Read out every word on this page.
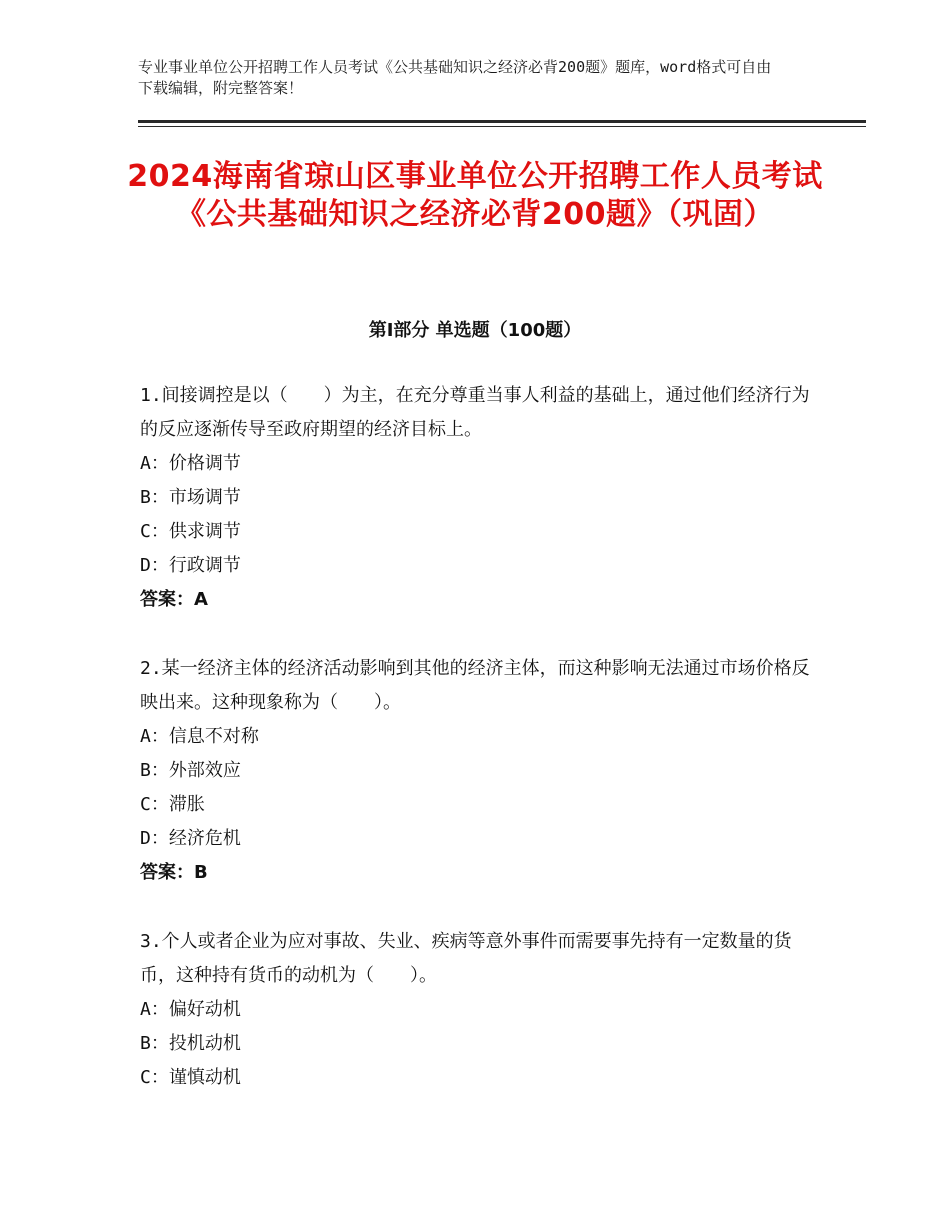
专业事业单位公开招聘工作人员考试《公共基础知识之经济必背200题》题库，word格式可自由下载编辑，附完整答案！
2024海南省琼山区事业单位公开招聘工作人员考试《公共基础知识之经济必背200题》（巩固）
第I部分 单选题（100题）

1.间接调控是以（　　）为主，在充分尊重当事人利益的基础上，通过他们经济行为的反应逐渐传导至政府期望的经济目标上。

A：价格调节

B：市场调节

C：供求调节

D：行政调节

答案：A

2.某一经济主体的经济活动影响到其他的经济主体，而这种影响无法通过市场价格反映出来。这种现象称为（　　）。

A：信息不对称

B：外部效应

C：滞胀

D：经济危机

答案：B

3.个人或者企业为应对事故、失业、疾病等意外事件而需要事先持有一定数量的货币，这种持有货币的动机为（　　）。

A：偏好动机

B：投机动机

C：谨慎动机
